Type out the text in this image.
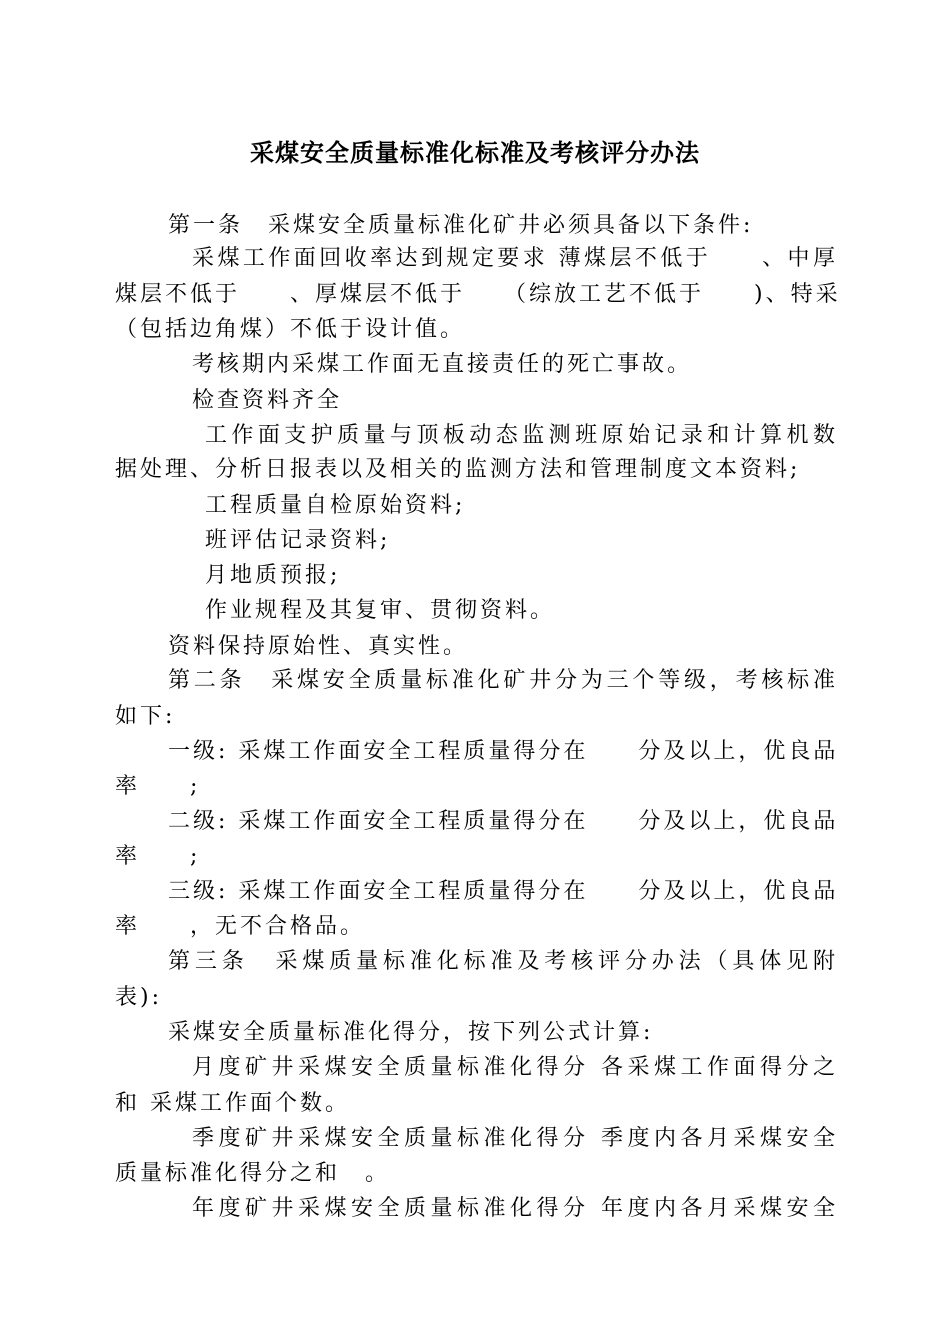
采煤安全质量标准化标准及考核评分办法
第一条　采煤安全质量标准化矿井必须具备以下条件:
采煤工作面回收率达到规定要求 薄煤层不低于　　、中厚
煤层不低于　　、厚煤层不低于　　（综放工艺不低于　　)、特采
（包括边角煤）不低于设计值。
考核期内采煤工作面无直接责任的死亡事故。
检查资料齐全
工作面支护质量与顶板动态监测班原始记录和计算机数
据处理、分析日报表以及相关的监测方法和管理制度文本资料;
工程质量自检原始资料;
班评估记录资料;
月地质预报;
作业规程及其复审、贯彻资料。
资料保持原始性、真实性。
第二条　采煤安全质量标准化矿井分为三个等级，考核标准
如下:
一级: 采煤工作面安全工程质量得分在　　分及以上，优良品
率　　;
二级: 采煤工作面安全工程质量得分在　　分及以上，优良品
率　　;
三级: 采煤工作面安全工程质量得分在　　分及以上，优良品
率　　，无不合格品。
第三条　采煤质量标准化标准及考核评分办法（具体见附
表):
采煤安全质量标准化得分，按下列公式计算:
月度矿井采煤安全质量标准化得分 各采煤工作面得分之
和 采煤工作面个数。
季度矿井采煤安全质量标准化得分 季度内各月采煤安全
质量标准化得分之和　。
年度矿井采煤安全质量标准化得分 年度内各月采煤安全
